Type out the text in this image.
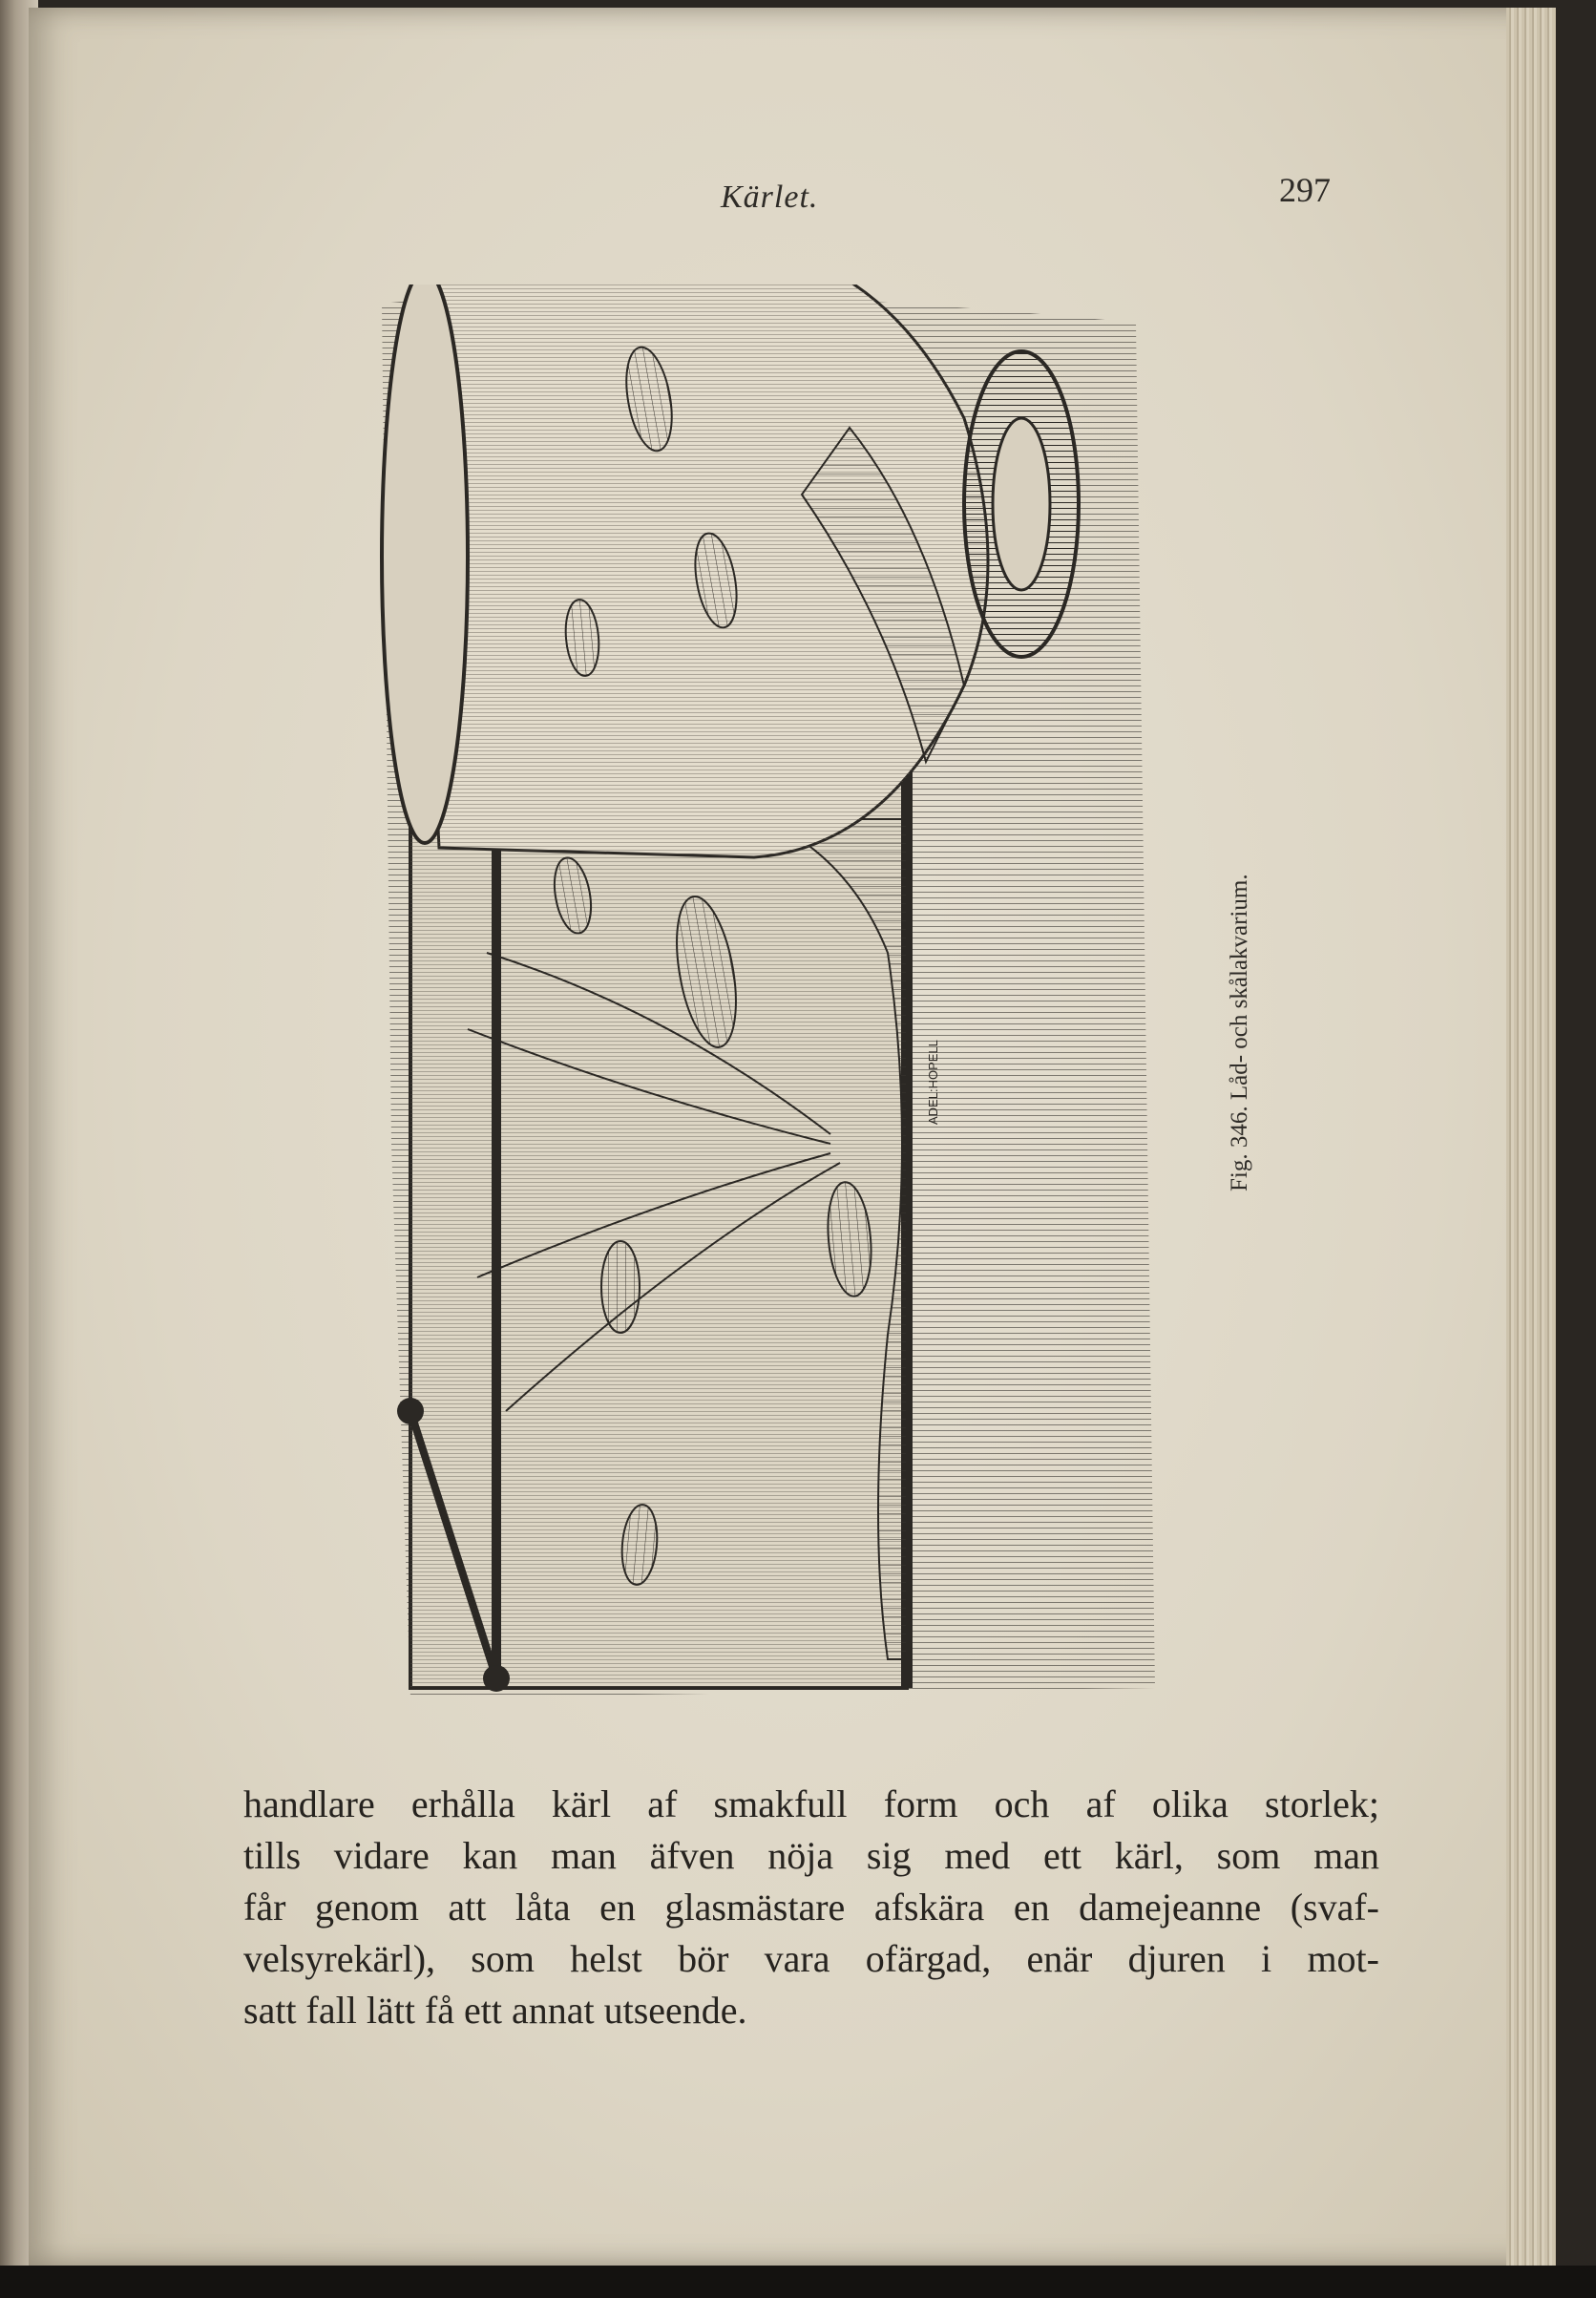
Kärlet.	297
ADEL:HOPELL	Fig. 346. Låd- och skålakvarium.
handlare erhålla kärl af smakfull form och af olika storlek;
tills vidare kan man äfven nöja sig med ett kärl, som man
får genom att låta en glasmästare afskära en damejeanne (svaf-
velsyrekärl), som helst bör vara ofärgad, enär djuren i mot-
satt fall lätt få ett annat utseende.
